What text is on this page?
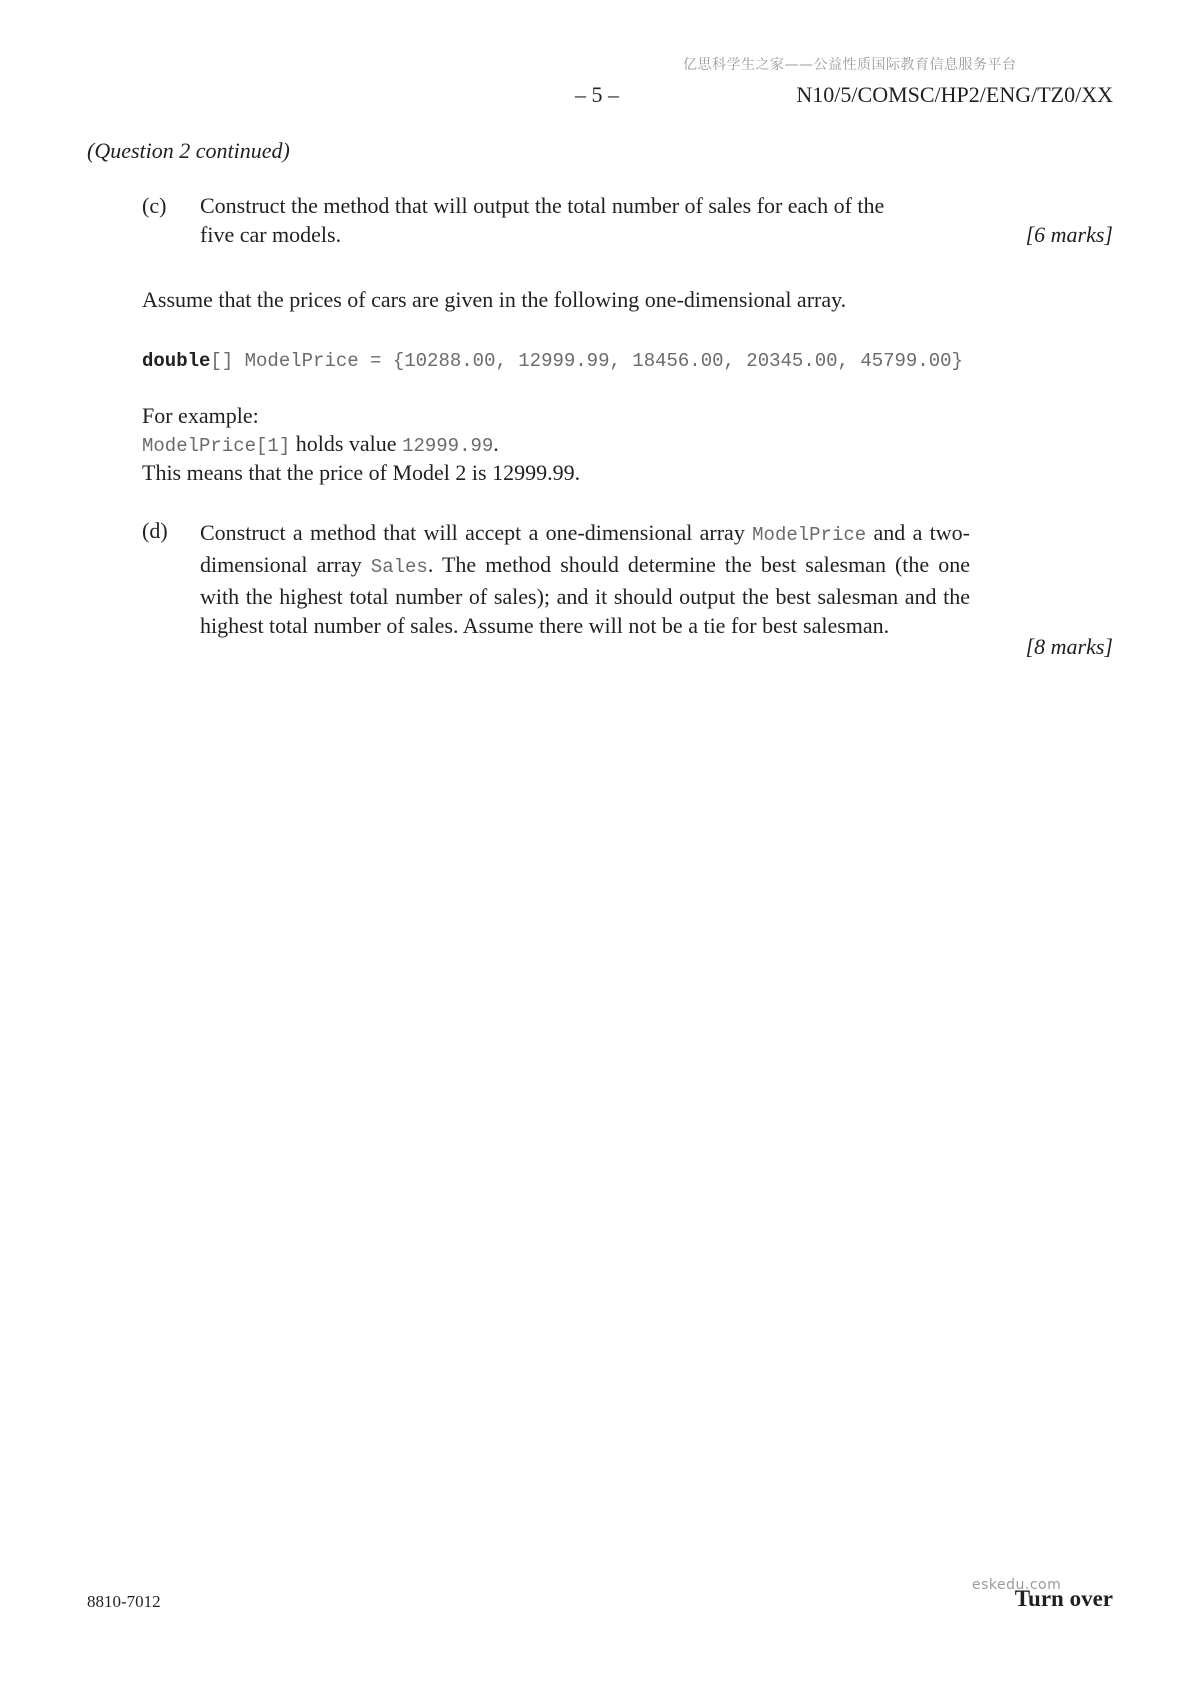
亿思科学生之家——公益性质国际教育信息服务平台
– 5 –	N10/5/COMSC/HP2/ENG/TZ0/XX
(Question 2 continued)
(c) Construct the method that will output the total number of sales for each of the
five car models.	[6 marks]
Assume that the prices of cars are given in the following one-dimensional array.
double[] ModelPrice = {10288.00, 12999.99, 18456.00, 20345.00, 45799.00}
For example:
ModelPrice[1] holds value 12999.99.
This means that the price of Model 2 is 12999.99.
(d) Construct a method that will accept a one-dimensional array ModelPrice and a two-dimensional array Sales. The method should determine the best salesman (the one with the highest total number of sales); and it should output the best salesman and the highest total number of sales. Assume there will not be a tie for best salesman.
[8 marks]
8810-7012
eskedu.com
Turn over
